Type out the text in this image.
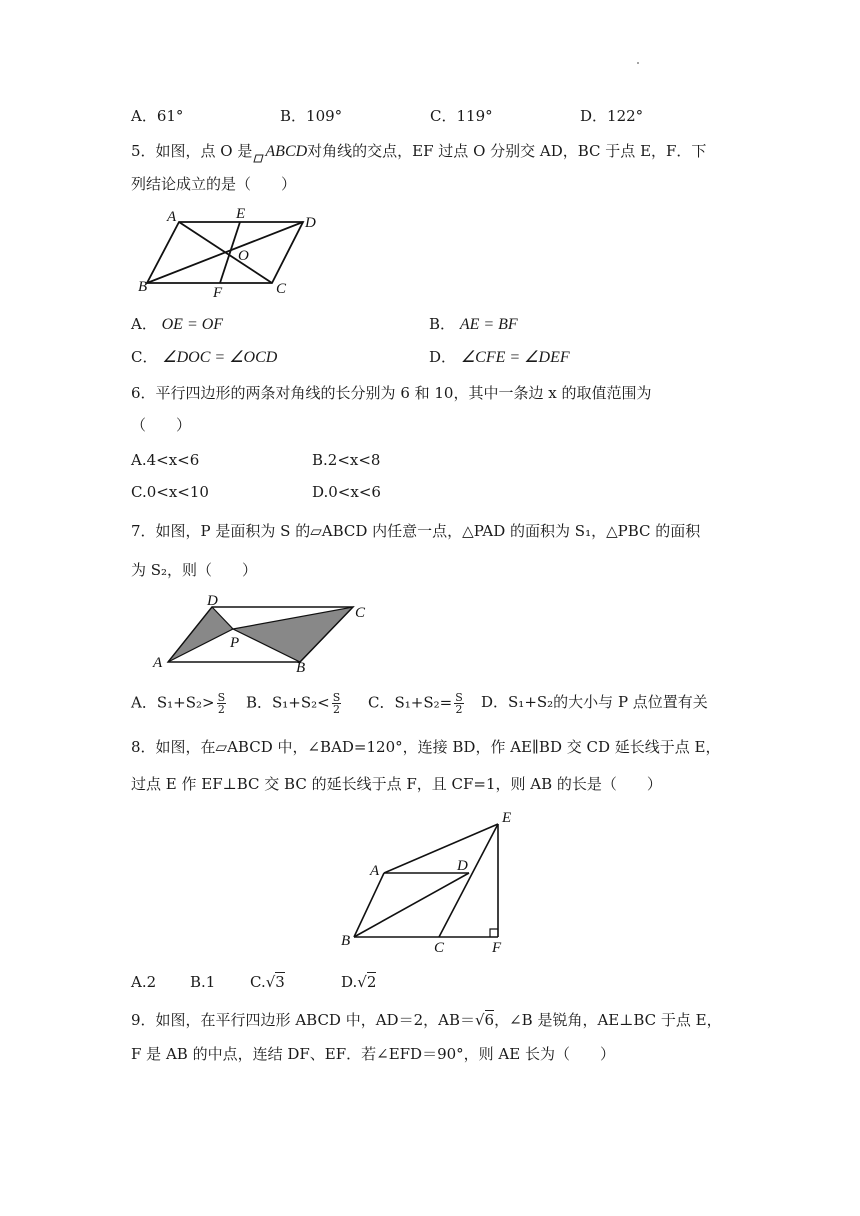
A．61°	B．109°	C．119°	D．122°
5．如图，点 O 是 ABCD对角线的交点，EF 过点 O 分别交 AD，BC 于点 E，F．下
列结论成立的是（　　）
A	E
D
O
B	F	C
A． OE = OF	B． AE = BF
C． ∠DOC = ∠OCD	D． ∠CFE = ∠DEF
6．平行四边形的两条对角线的长分别为 6 和 10，其中一条边 x 的取值范围为
（　　）
A.4<x<6	B.2<x<8
C.0<x<10	D.0<x<6
7．如图，P 是面积为 S 的▱ABCD 内任意一点，△PAD 的面积为 S₁，△PBC 的面积
为 S₂，则（　　）
D
C
P
A	B
A．$S_1+S_2> \frac{S}{2}$ B．$S_1+S_2< \frac{S}{2}$ C．$S_1+S_2= \frac{S}{2}$ D．S₁+S₂的大小与 P 点位置有关
8．如图，在▱ABCD 中，∠BAD=120°，连接 BD，作 AE∥BD 交 CD 延长线于点 E，
过点 E 作 EF⊥BC 交 BC 的延长线于点 F，且 CF=1，则 AB 的长是（　　）
E
A	D
B	C	F
A.2 B.1 C.√3	D.√2
9．如图，在平行四边形 ABCD 中，AD＝2，AB＝√6，∠B 是锐角，AE⊥BC 于点 E，
F 是 AB 的中点，连结 DF、EF．若∠EFD＝90°，则 AE 长为（　　）
